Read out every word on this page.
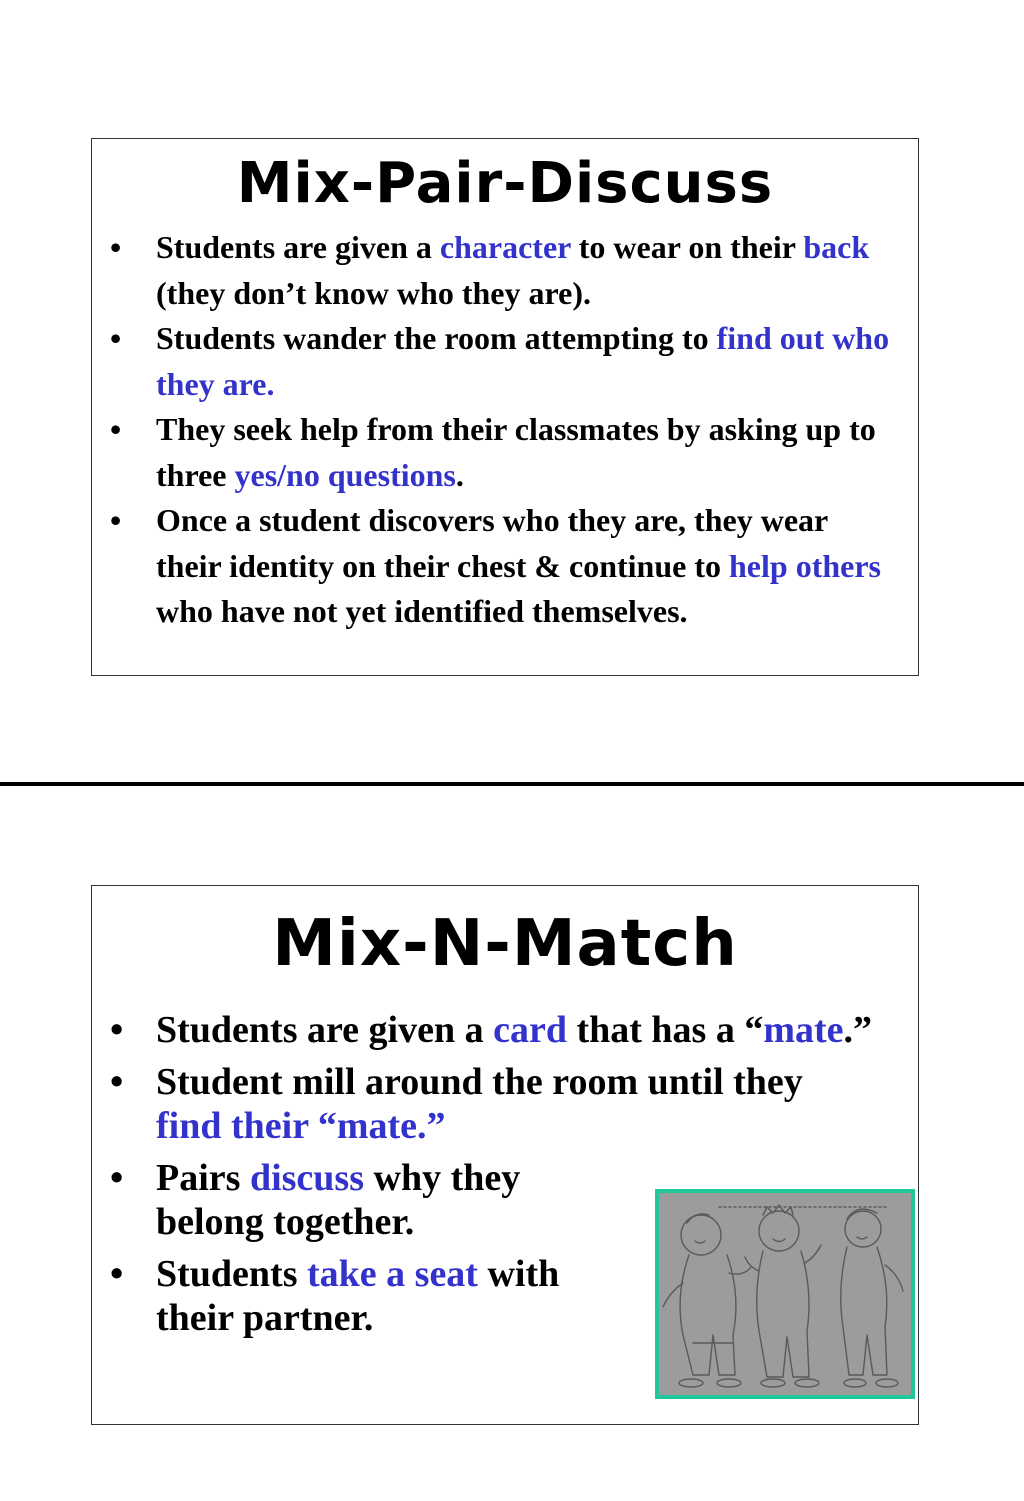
Mix-Pair-Discuss
• Students are given a character to wear on their back (they don’t know who they are).
• Students wander the room attempting to find out who they are.
• They seek help from their classmates by asking up to three yes/no questions.
• Once a student discovers who they are, they wear their identity on their chest & continue to help others who have not yet identified themselves.
Mix-N-Match
• Students are given a card that has a “mate.”
• Student mill around the room until they find their “mate.”
• Pairs discuss why they
belong together.
• Students take a seat with
their partner.
